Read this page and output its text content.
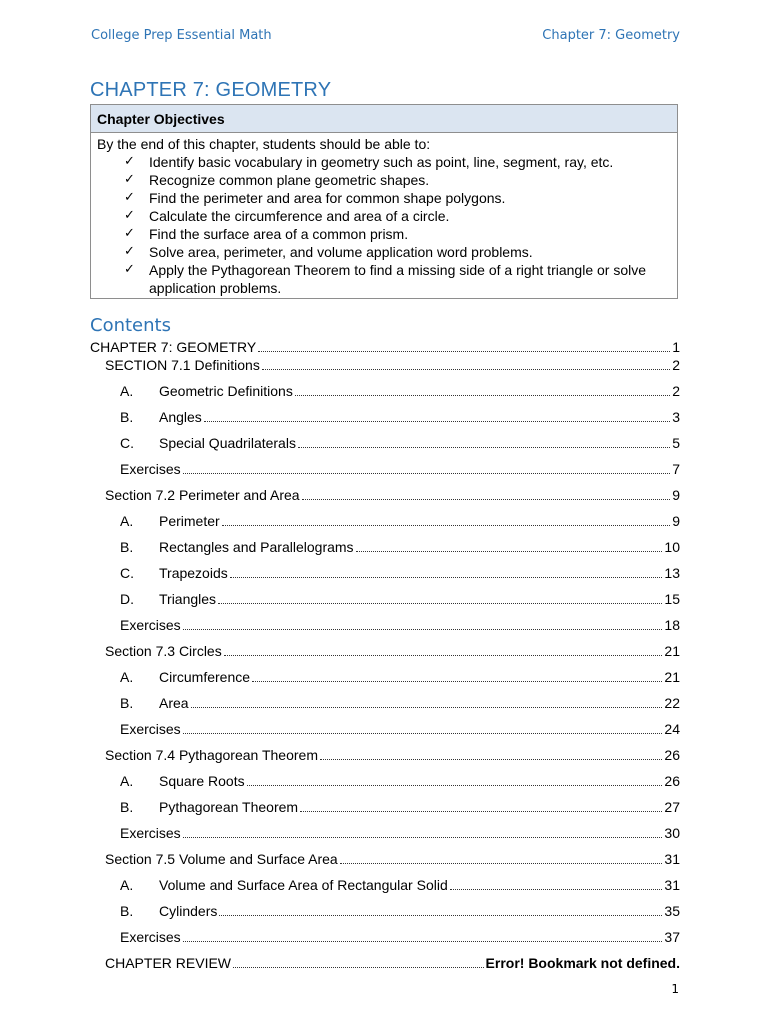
College Prep Essential Math	Chapter 7: Geometry
CHAPTER 7: GEOMETRY
Chapter Objectives
By the end of this chapter, students should be able to:
✓ Identify basic vocabulary in geometry such as point, line, segment, ray, etc.
✓ Recognize common plane geometric shapes.
✓ Find the perimeter and area for common shape polygons.
✓ Calculate the circumference and area of a circle.
✓ Find the surface area of a common prism.
✓ Solve area, perimeter, and volume application word problems.
✓ Apply the Pythagorean Theorem to find a missing side of a right triangle or solve application problems.
Contents
CHAPTER 7: GEOMETRY	1
SECTION 7.1 Definitions	2
A.	Geometric Definitions	2
B.	Angles	3
C.	Special Quadrilaterals	5
Exercises	7
Section 7.2 Perimeter and Area	9
A.	Perimeter	9
B.	Rectangles and Parallelograms	10
C.	Trapezoids	13
D.	Triangles	15
Exercises	18
Section 7.3 Circles	21
A.	Circumference	21
B.	Area	22
Exercises	24
Section 7.4 Pythagorean Theorem	26
A.	Square Roots	26
B.	Pythagorean Theorem	27
Exercises	30
Section 7.5 Volume and Surface Area	31
A.	Volume and Surface Area of Rectangular Solid	31
B.	Cylinders	35
Exercises	37
CHAPTER REVIEW	Error! Bookmark not defined.
1
